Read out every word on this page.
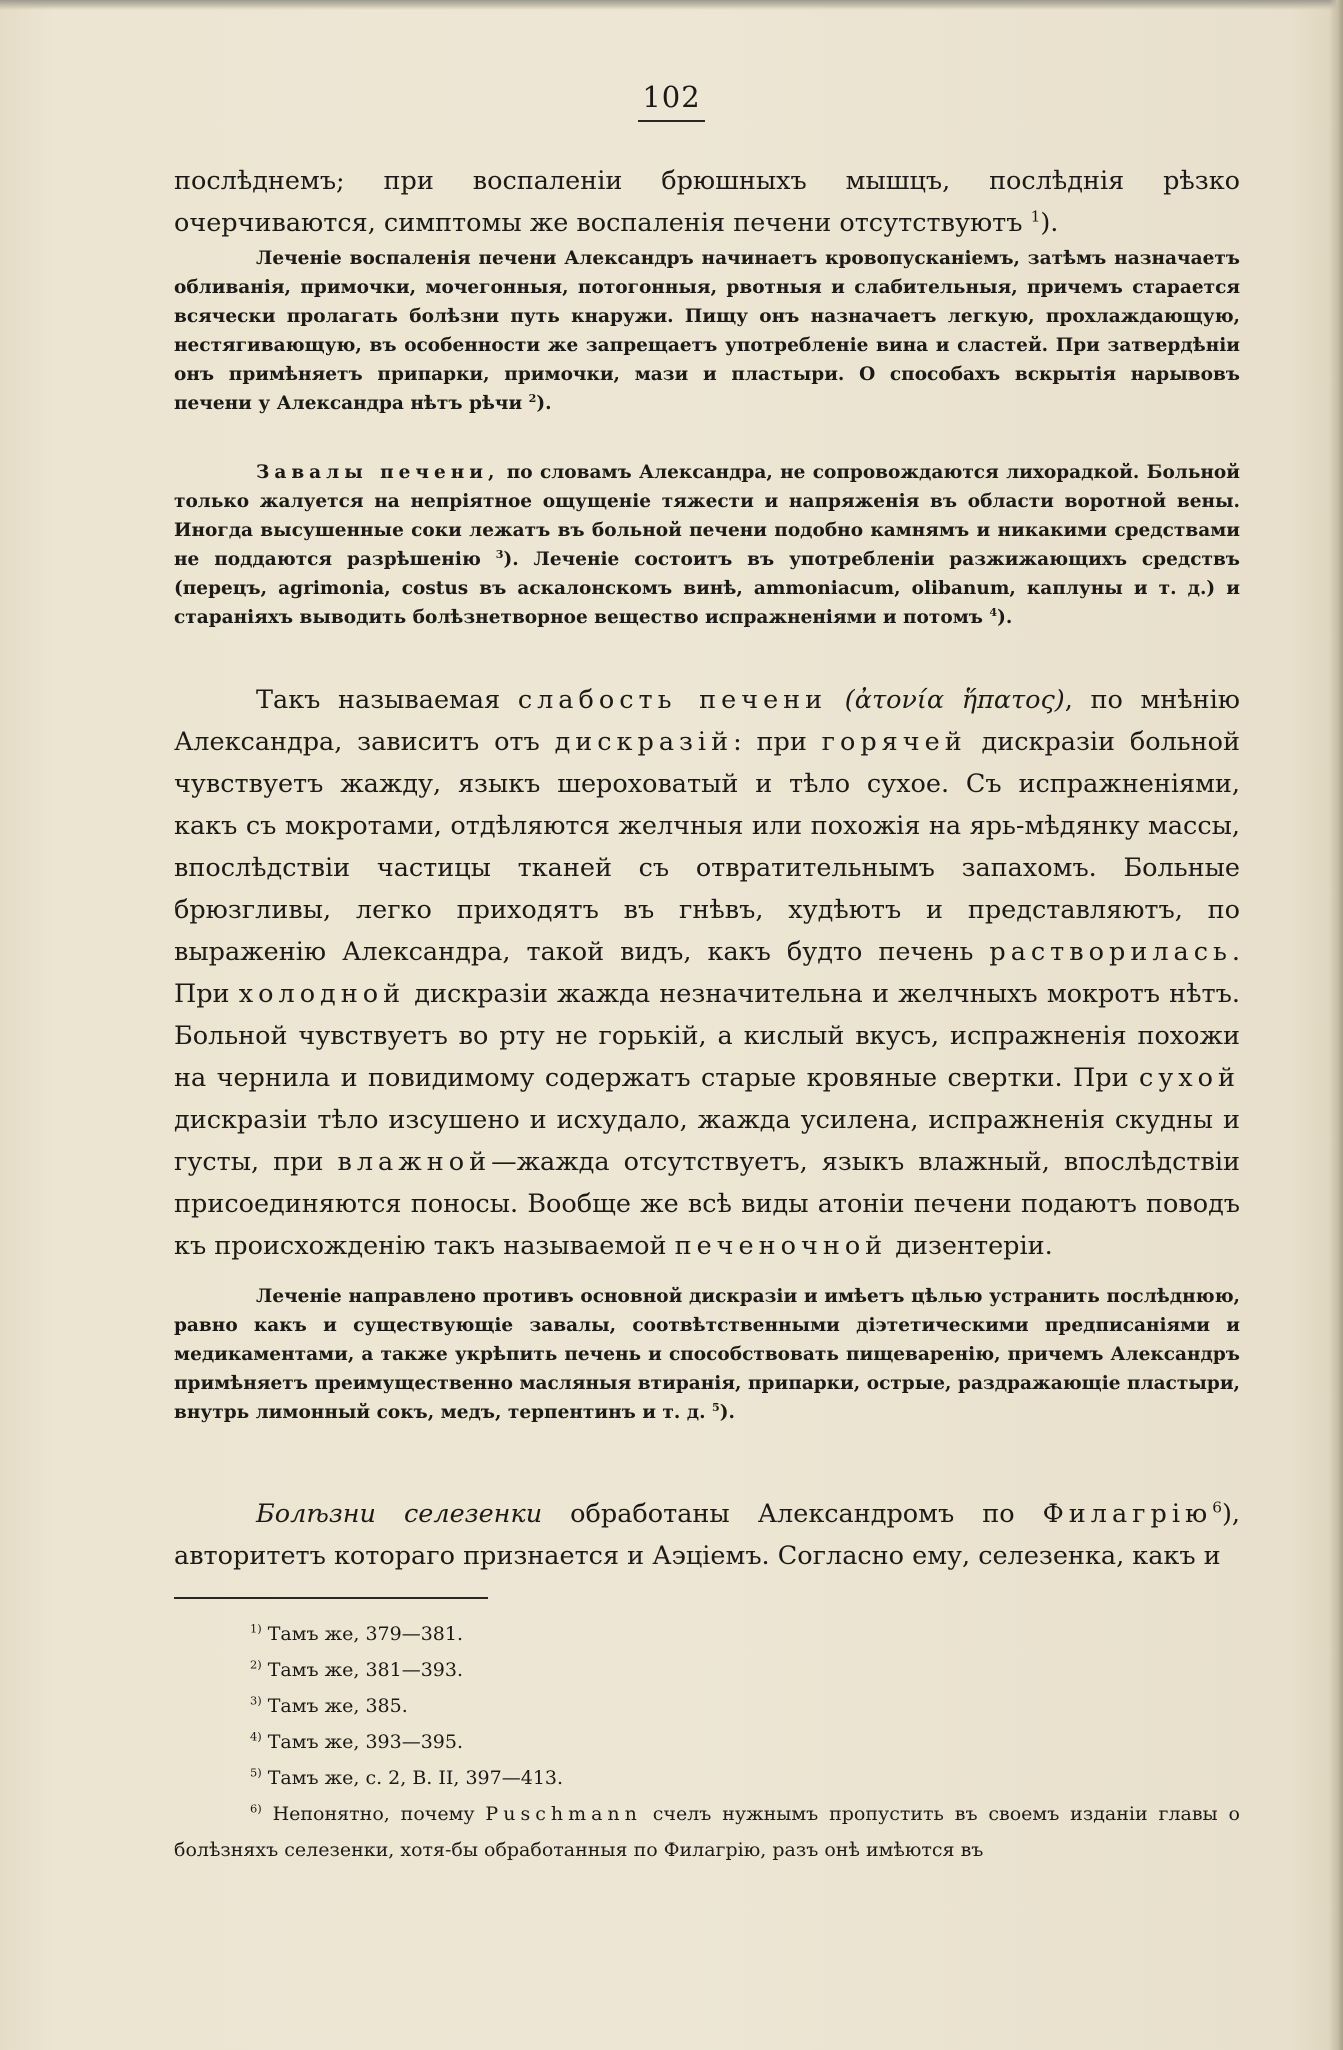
102
послѣднемъ; при воспаленіи брюшныхъ мышцъ, послѣднія рѣзко очерчиваются, симптомы же воспаленія печени отсутствуютъ $^1$).
Леченіе воспаленія печени Александръ начинаетъ кровопусканіемъ, затѣмъ назначаетъ обливанія, примочки, мочегонныя, потогонныя, рвотныя и слабительныя, причемъ старается всячески пролагать болѣзни путь кнаружи. Пищу онъ назначаетъ легкую, прохлаждающую, нестягивающую, въ особенности же запрещаетъ употребленіе вина и сластей. При затвердѣніи онъ примѣняетъ припарки, примочки, мази и пластыри. О способахъ вскрытія нарывовъ печени у Александра нѣтъ рѣчи $^2$).
Завалы печени, по словамъ Александра, не сопровождаются лихорадкой. Больной только жалуется на непріятное ощущеніе тяжести и напряженія въ области воротной вены. Иногда высушенные соки лежатъ въ больной печени подобно камнямъ и никакими средствами не поддаются разрѣшенію $^3$). Леченіе состоитъ въ употребленіи разжижающихъ средствъ (перецъ, agrimonia, costus въ аскалонскомъ винѣ, ammoniacum, olibanum, каплуны и т. д.) и стараніяхъ выводить болѣзнетворное вещество испражненіями и потомъ $^4$).
Такъ называемая слабость печени (ἀτονία ἥπατος), по мнѣнію Александра, зависитъ отъ дискразій: при горячей дискразіи больной чувствуетъ жажду, языкъ шероховатый и тѣло сухое. Съ испражненіями, какъ съ мокротами, отдѣляются желчныя или похожія на ярь-мѣдянку массы, впослѣдствіи частицы тканей съ отвратительнымъ запахомъ. Больные брюзгливы, легко приходятъ въ гнѣвъ, худѣютъ и представляютъ, по выраженію Александра, такой видъ, какъ будто печень растворилась. При холодной дискразіи жажда незначительна и желчныхъ мокротъ нѣтъ. Больной чувствуетъ во рту не горькій, а кислый вкусъ, испражненія похожи на чернила и повидимому содержатъ старые кровяные свертки. При сухой дискразіи тѣло изсушено и исхудало, жажда усилена, испражненія скудны и густы, при влажной—жажда отсутствуетъ, языкъ влажный, впослѣдствіи присоединяются поносы. Вообще же всѣ виды атоніи печени подаютъ поводъ къ происхожденію такъ называемой печеночной дизентеріи.
Леченіе направлено противъ основной дискразіи и имѣетъ цѣлью устранить послѣднюю, равно какъ и существующіе завалы, соотвѣтственными діэтетическими предписаніями и медикаментами, а также укрѣпить печень и способствовать пищеваренію, причемъ Александръ примѣняетъ преимущественно масляныя втиранія, припарки, острые, раздражающіе пластыри, внутрь лимонный сокъ, медъ, терпентинъ и т. д. $^5$).
Болѣзни селезенки обработаны Александромъ по Филагрію$^6$), авторитетъ котораго признается и Аэціемъ. Согласно ему, селезенка, какъ и
$^{1)}$ Тамъ же, 379—381.
$^{2)}$ Тамъ же, 381—393.
$^{3)}$ Тамъ же, 385.
$^{4)}$ Тамъ же, 393—395.
$^{5)}$ Тамъ же, с. 2, В. II, 397—413.
$^{6)}$ Непонятно, почему Puschmann счелъ нужнымъ пропустить въ своемъ изданіи главы о болѣзняхъ селезенки, хотя-бы обработанныя по Филагрію, разъ онѣ имѣются въ
